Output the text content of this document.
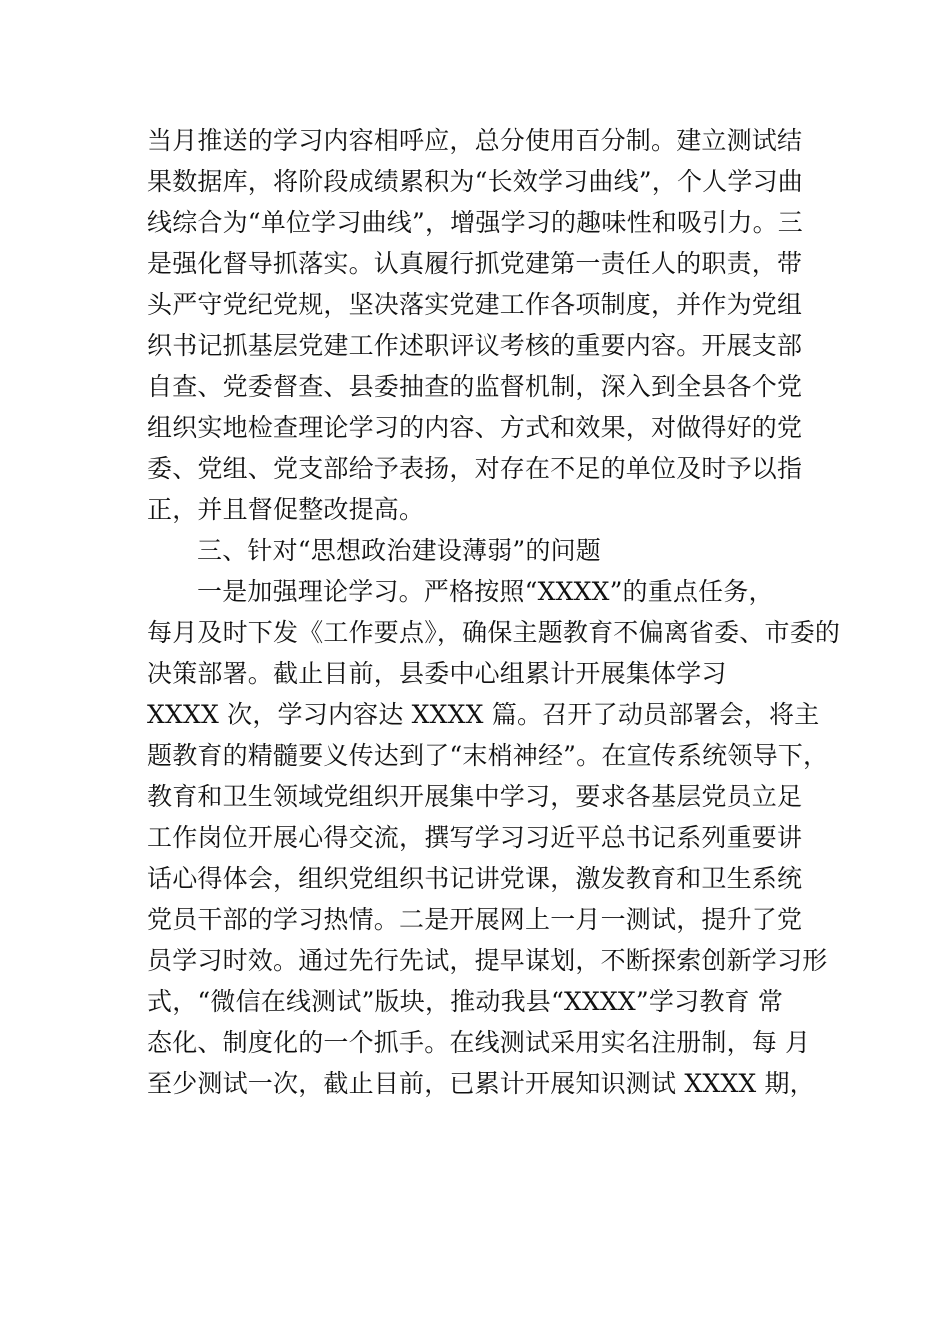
当月推送的学习内容相呼应，总分使用百分制。建立测试结
果数据库，将阶段成绩累积为“长效学习曲线”，个人学习曲
线综合为“单位学习曲线”，增强学习的趣味性和吸引力。三
是强化督导抓落实。认真履行抓党建第一责任人的职责，带
头严守党纪党规，坚决落实党建工作各项制度，并作为党组
织书记抓基层党建工作述职评议考核的重要内容。开展支部
自查、党委督查、县委抽查的监督机制，深入到全县各个党
组织实地检查理论学习的内容、方式和效果，对做得好的党
委、党组、党支部给予表扬，对存在不足的单位及时予以指
正，并且督促整改提高。
三、针对“思想政治建设薄弱”的问题
一是加强理论学习。严格按照“XXXX”的重点任务，
每月及时下发《工作要点》，确保主题教育不偏离省委、市委的
决策部署。截止目前，县委中心组累计开展集体学习
XXXX 次，学习内容达 XXXX 篇。召开了动员部署会，将主
题教育的精髓要义传达到了“末梢神经”。在宣传系统领导下，
教育和卫生领域党组织开展集中学习，要求各基层党员立足
工作岗位开展心得交流，撰写学习习近平总书记系列重要讲
话心得体会，组织党组织书记讲党课，激发教育和卫生系统
党员干部的学习热情。二是开展网上一月一测试，提升了党
员学习时效。通过先行先试，提早谋划，不断探索创新学习形
式，“微信在线测试”版块，推动我县“XXXX”学习教育 常
态化、制度化的一个抓手。在线测试采用实名注册制，每 月
至少测试一次，截止目前，已累计开展知识测试 XXXX 期，
